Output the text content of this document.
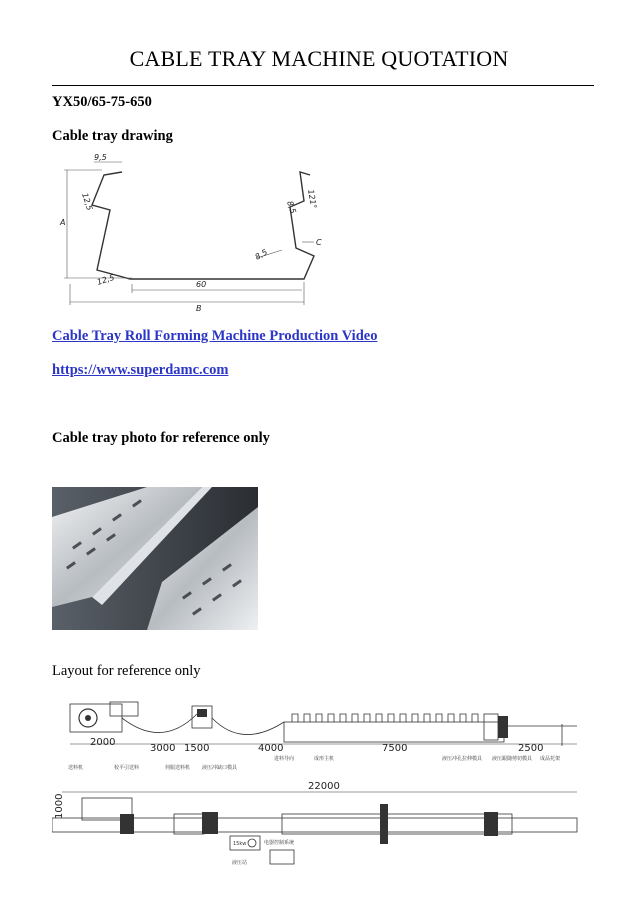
CABLE TRAY MACHINE QUOTATION
YX50/65-75-650
Cable tray drawing
9,5
12,5	121°
8,5
A
C
8,5
12,5	60
B
Cable Tray Roll Forming Machine Production Video
https://www.superdamc.com
Cable tray photo for reference only
Layout for reference only
2000
3000 1500	4000	7500	2500
送料机	校平引送料	伺服送料机 液压冲缺口模具
进料导向	成形主机	液压冲孔拉伸模具 液压跟随剪切模具 成品托架
22000
1000
15kw	电器控制系统
液压站
